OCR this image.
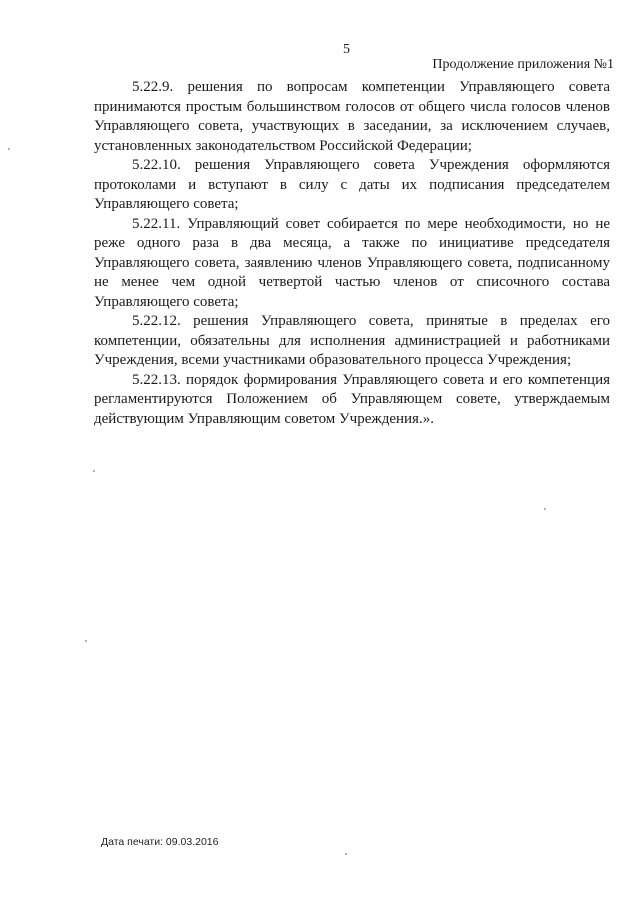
5
Продолжение приложения №1

5.22.9. решения по вопросам компетенции Управляющего совета принимаются простым большинством голосов от общего числа голосов членов Управляющего совета, участвующих в заседании, за исключением случаев, установленных законодательством Российской Федерации;

5.22.10. решения Управляющего совета Учреждения оформляются протоколами и вступают в силу с даты их подписания председателем Управляющего совета;

5.22.11. Управляющий совет собирается по мере необходимости, но не реже одного раза в два месяца, а также по инициативе председателя Управляющего совета, заявлению членов Управляющего совета, подписанному не менее чем одной четвертой частью членов от списочного состава Управляющего совета;

5.22.12. решения Управляющего совета, принятые в пределах его компетенции, обязательны для исполнения администрацией и работниками Учреждения, всеми участниками образовательного процесса Учреждения;

5.22.13. порядок формирования Управляющего совета и его компетенция регламентируются Положением об Управляющем совете, утверждаемым действующим Управляющим советом Учреждения.».

Дата печати: 09.03.2016
